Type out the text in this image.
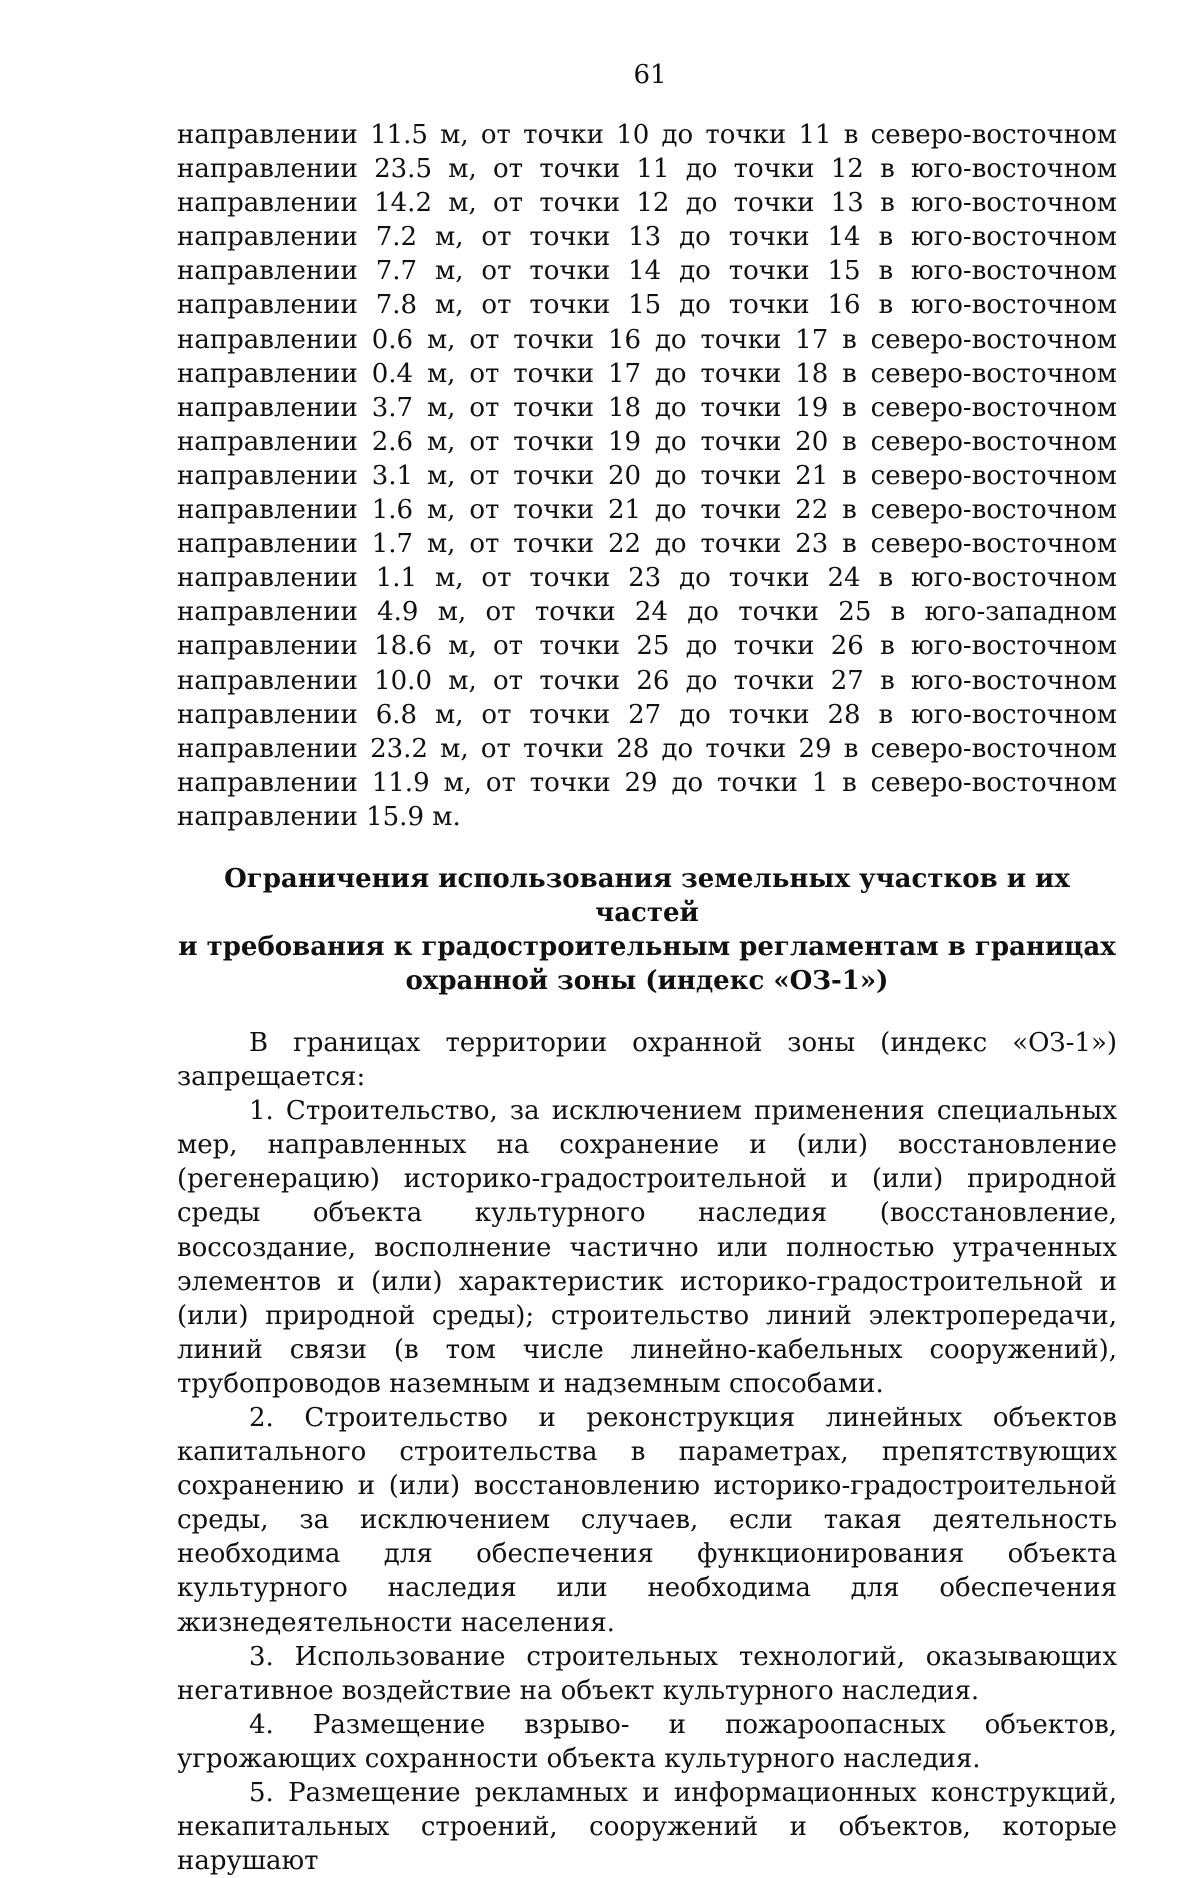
61

направлении 11.5 м, от точки 10 до точки 11 в северо-восточном направлении 23.5 м, от точки 11 до точки 12 в юго-восточном направлении 14.2 м, от точки 12 до точки 13 в юго-восточном направлении 7.2 м, от точки 13 до точки 14 в юго-восточном направлении 7.7 м, от точки 14 до точки 15 в юго-восточном направлении 7.8 м, от точки 15 до точки 16 в юго-восточном направлении 0.6 м, от точки 16 до точки 17 в северо-восточном направлении 0.4 м, от точки 17 до точки 18 в северо-восточном направлении 3.7 м, от точки 18 до точки 19 в северо-восточном направлении 2.6 м, от точки 19 до точки 20 в северо-восточном направлении 3.1 м, от точки 20 до точки 21 в северо-восточном направлении 1.6 м, от точки 21 до точки 22 в северо-восточном направлении 1.7 м, от точки 22 до точки 23 в северо-восточном направлении 1.1 м, от точки 23 до точки 24 в юго-восточном направлении 4.9 м, от точки 24 до точки 25 в юго-западном направлении 18.6 м, от точки 25 до точки 26 в юго-восточном направлении 10.0 м, от точки 26 до точки 27 в юго-восточном направлении 6.8 м, от точки 27 до точки 28 в юго-восточном направлении 23.2 м, от точки 28 до точки 29 в северо-восточном направлении 11.9 м, от точки 29 до точки 1 в северо-восточном направлении 15.9 м.

Ограничения использования земельных участков и их частей
и требования к градостроительным регламентам в границах
охранной зоны (индекс «ОЗ-1»)

В границах территории охранной зоны (индекс «ОЗ-1») запрещается:

1. Строительство, за исключением применения специальных мер, направленных на сохранение и (или) восстановление (регенерацию) историко-градостроительной и (или) природной среды объекта культурного наследия (восстановление, воссоздание, восполнение частично или полностью утраченных элементов и (или) характеристик историко-градостроительной и (или) природной среды); строительство линий электропередачи, линий связи (в том числе линейно-кабельных сооружений), трубопроводов наземным и надземным способами.

2. Строительство и реконструкция линейных объектов капитального строительства в параметрах, препятствующих сохранению и (или) восстановлению историко-градостроительной среды, за исключением случаев, если такая деятельность необходима для обеспечения функционирования объекта культурного наследия или необходима для обеспечения жизнедеятельности населения.

3. Использование строительных технологий, оказывающих негативное воздействие на объект культурного наследия.

4. Размещение взрыво- и пожароопасных объектов, угрожающих сохранности объекта культурного наследия.

5. Размещение рекламных и информационных конструкций, некапитальных строений, сооружений и объектов, которые нарушают
